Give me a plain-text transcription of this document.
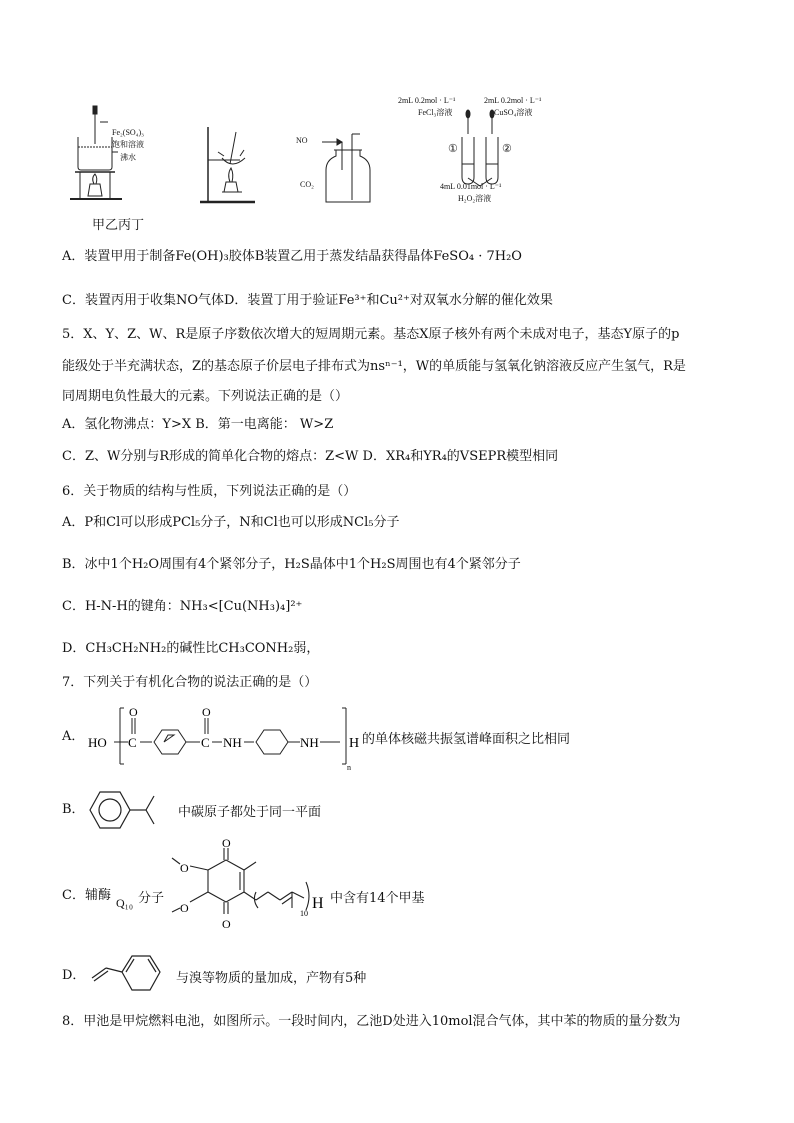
Fe₂(SO₄)₃
饱和溶液
沸水
NO
CO₂
2mL 0.2mol · L⁻¹
FeCl₃溶液
2mL 0.2mol · L⁻¹
CuSO₄溶液
①	②
4mL 0.01mol · L⁻¹
H₂O₂溶液
甲乙丙丁
A．装置甲用于制备Fe(OH)₃胶体B装置乙用于蒸发结晶获得晶体FeSO₄ · 7H₂O
C．装置丙用于收集NO气体D．装置丁用于验证Fe³⁺和Cu²⁺对双氧水分解的催化效果
5．X、Y、Z、W、R是原子序数依次增大的短周期元素。基态X原子核外有两个未成对电子，基态Y原子的p
能级处于半充满状态，Z的基态原子价层电子排布式为nsⁿ⁻¹，W的单质能与氢氧化钠溶液反应产生氢气，R是
同周期电负性最大的元素。下列说法正确的是（）
A．氢化物沸点：Y>X B．第一电离能： W>Z
C．Z、W分别与R形成的简单化合物的熔点：Z<W D．XR₄和YR₄的VSEPR模型相同
6．关于物质的结构与性质，下列说法正确的是（）
A．P和Cl可以形成PCl₅分子，N和Cl也可以形成NCl₅分子
B．冰中1个H₂O周围有4个紧邻分子，H₂S晶体中1个H₂S周围也有4个紧邻分子
C．H-N-H的键角：NH₃<[Cu(NH₃)₄]²⁺
D．CH₃CH₂NH₂的碱性比CH₃CONH₂弱，
7．下列关于有机化合物的说法正确的是（）
A． HO C
O
C
O
NH	NH H
n
的单体核磁共振氢谱峰面积之比相同
B．	中碳原子都处于同一平面
C．辅酶 Q₁₀ 分子
O
O
O
O	10
H 中含有14个甲基
D．	与溴等物质的量加成，产物有5种
8．甲池是甲烷燃料电池，如图所示。一段时间内，乙池D处进入10mol混合气体，其中苯的物质的量分数为
